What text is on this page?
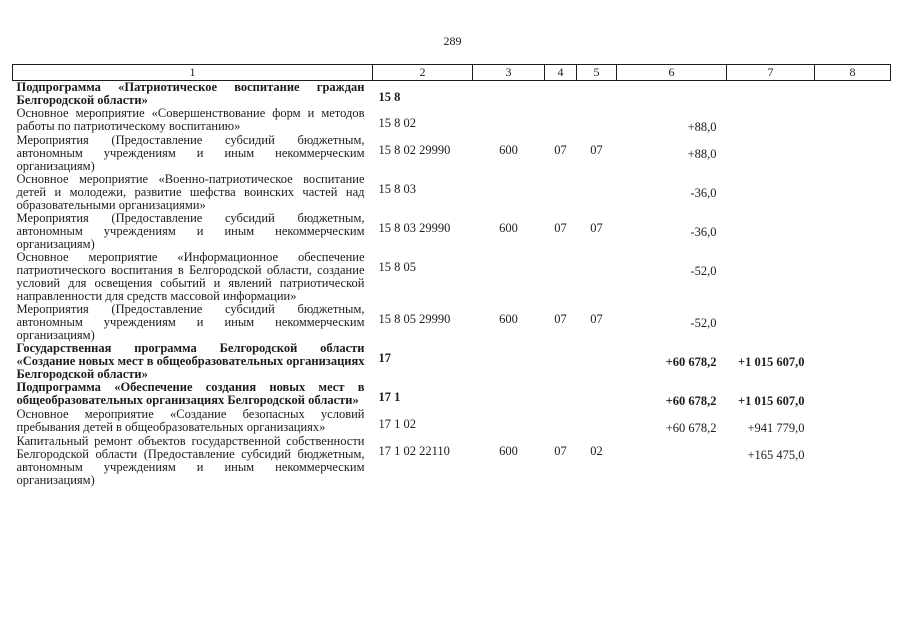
289
1	2	3	4	5	6	7	8
Подпрограмма «Патриотическое воспитание граждан Белгородской области»	15 8						
Основное мероприятие «Совершенствование форм и методов работы по патриотическому воспитанию»	15 8 02				+88,0		
Мероприятия (Предоставление субсидий бюджетным, автономным учреждениям и иным некоммерческим организациям)	15 8 02 29990	600	07	07	+88,0		
Основное мероприятие «Военно-патриотическое воспитание детей и молодежи, развитие шефства воинских частей над образовательными организациями»	15 8 03				-36,0		
Мероприятия (Предоставление субсидий бюджетным, автономным учреждениям и иным некоммерческим организациям)	15 8 03 29990	600	07	07	-36,0		
Основное мероприятие «Информационное обеспечение патриотического воспитания в Белгородской области, создание условий для освещения событий и явлений патриотической направленности для средств массовой информации»	15 8 05				-52,0		
Мероприятия (Предоставление субсидий бюджетным, автономным учреждениям и иным некоммерческим организациям)	15 8 05 29990	600	07	07	-52,0		
Государственная программа Белгородской области «Создание новых мест в общеобразовательных организациях Белгородской области»	17				+60 678,2	+1 015 607,0	
Подпрограмма «Обеспечение создания новых мест в общеобразовательных организациях Белгородской области»	17 1				+60 678,2	+1 015 607,0	
Основное мероприятие «Создание безопасных условий пребывания детей в общеобразовательных организациях»	17 1 02				+60 678,2	+941 779,0	
Капитальный ремонт объектов государственной собственности Белгородской области (Предоставление субсидий бюджетным, автономным учреждениям и иным некоммерческим организациям)	17 1 02 22110	600	07	02		+165 475,0	
